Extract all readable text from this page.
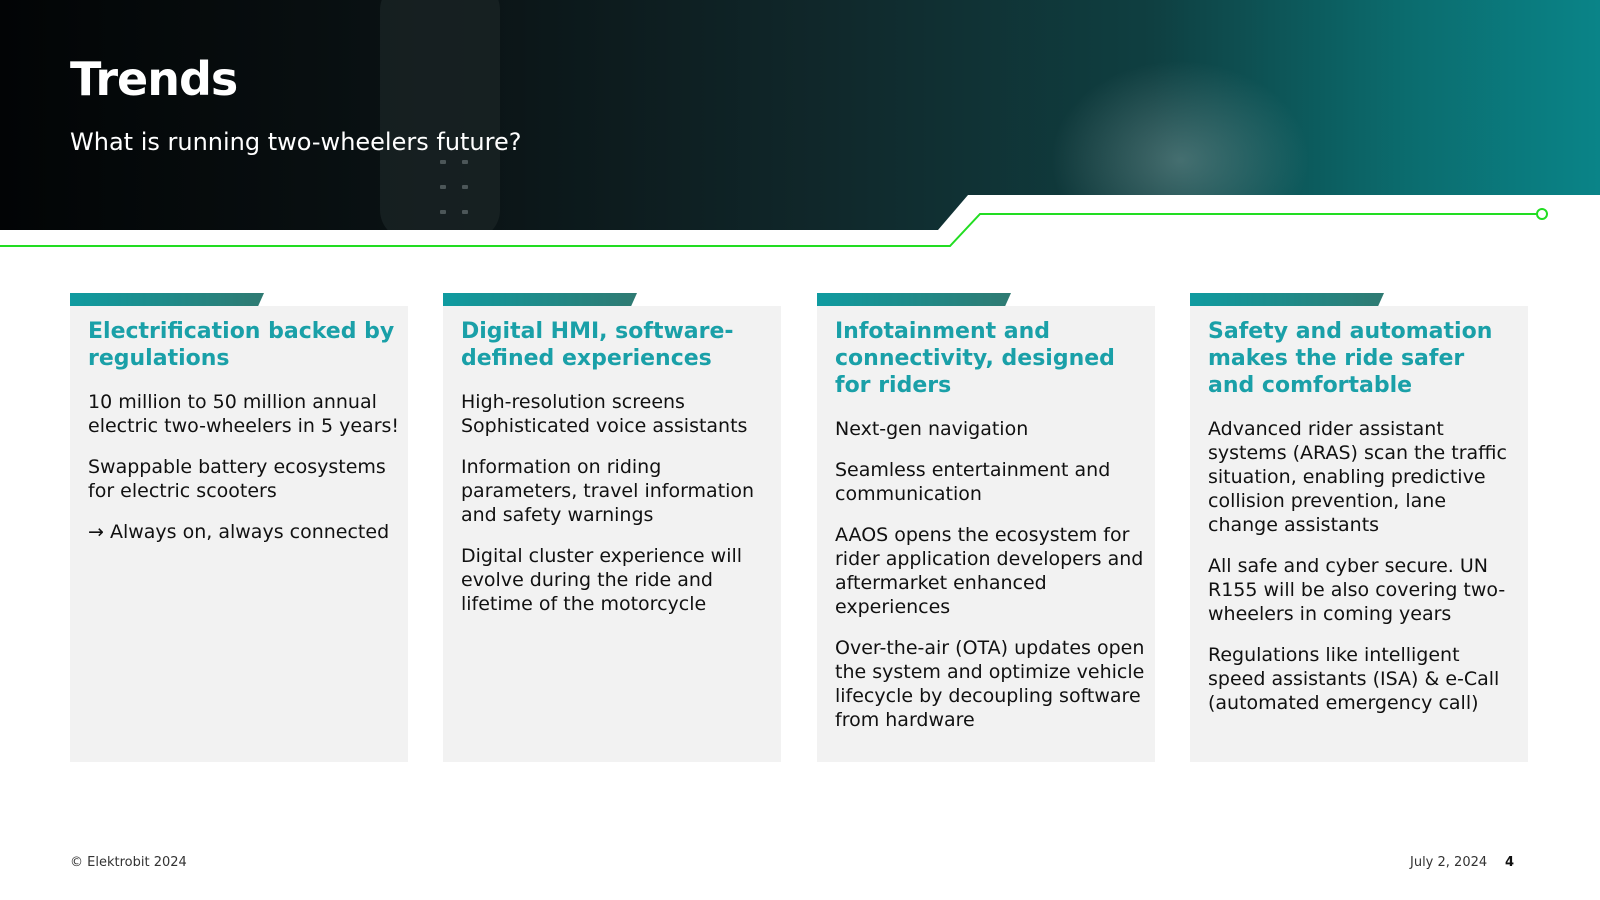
Trends

What is running two-wheelers future?

Electrification backed by regulations

10 million to 50 million annual electric two-wheelers in 5 years!

Swappable battery ecosystems for electric scooters

→ Always on, always connected

Digital HMI, software-defined experiences

High-resolution screens Sophisticated voice assistants

Information on riding parameters, travel information and safety warnings

Digital cluster experience will evolve during the ride and lifetime of the motorcycle

Infotainment and connectivity, designed for riders

Next-gen navigation

Seamless entertainment and communication

AAOS opens the ecosystem for rider application developers and aftermarket enhanced experiences

Over-the-air (OTA) updates open the system and optimize vehicle lifecycle by decoupling software from hardware

Safety and automation makes the ride safer and comfortable

Advanced rider assistant systems (ARAS) scan the traffic situation, enabling predictive collision prevention, lane change assistants

All safe and cyber secure. UN R155 will be also covering two-wheelers in coming years

Regulations like intelligent speed assistants (ISA) & e-Call (automated emergency call)

© Elektrobit 2024	July 2, 2024 4
